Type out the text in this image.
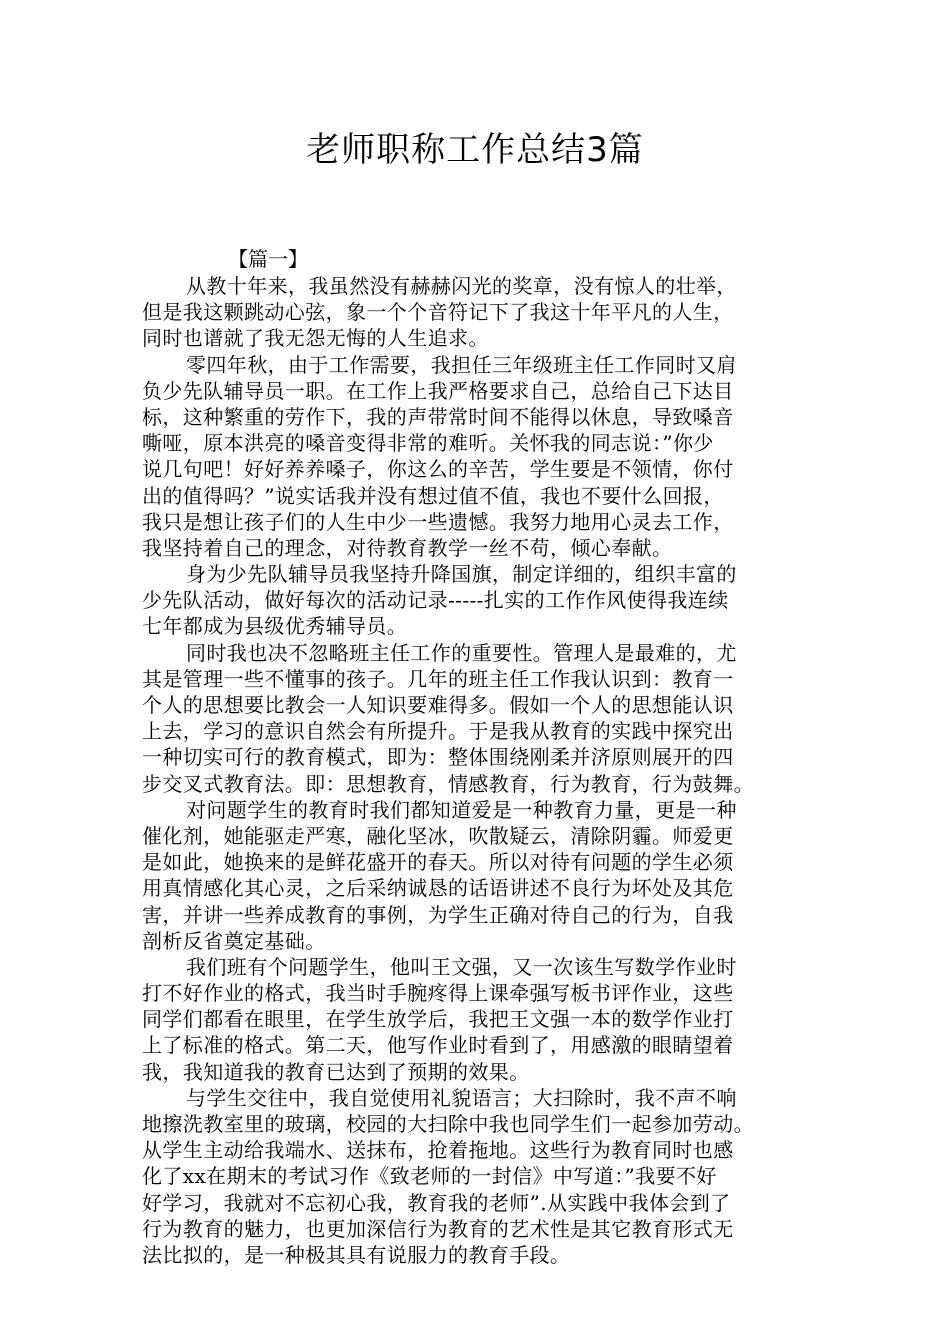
老师职称工作总结3篇
【篇一】
从教十年来，我虽然没有赫赫闪光的奖章，没有惊人的壮举，
但是我这颗跳动心弦，象一个个音符记下了我这十年平凡的人生，
同时也谱就了我无怨无悔的人生追求。
零四年秋，由于工作需要，我担任三年级班主任工作同时又肩
负少先队辅导员一职。在工作上我严格要求自己，总给自己下达目
标，这种繁重的劳作下，我的声带常时间不能得以休息，导致嗓音
嘶哑，原本洪亮的嗓音变得非常的难听。关怀我的同志说：”你少
说几句吧！好好养养嗓子，你这么的辛苦，学生要是不领情，你付
出的值得吗？”说实话我并没有想过值不值，我也不要什么回报，
我只是想让孩子们的人生中少一些遗憾。我努力地用心灵去工作，
我坚持着自己的理念，对待教育教学一丝不苟，倾心奉献。
身为少先队辅导员我坚持升降国旗，制定详细的，组织丰富的
少先队活动，做好每次的活动记录-----扎实的工作作风使得我连续
七年都成为县级优秀辅导员。
同时我也决不忽略班主任工作的重要性。管理人是最难的，尤
其是管理一些不懂事的孩子。几年的班主任工作我认识到：教育一
个人的思想要比教会一人知识要难得多。假如一个人的思想能认识
上去，学习的意识自然会有所提升。于是我从教育的实践中探究出
一种切实可行的教育模式，即为：整体围绕刚柔并济原则展开的四
步交叉式教育法。即：思想教育，情感教育，行为教育，行为鼓舞。
对问题学生的教育时我们都知道爱是一种教育力量，更是一种
催化剂，她能驱走严寒，融化坚冰，吹散疑云，清除阴霾。师爱更
是如此，她换来的是鲜花盛开的春天。所以对待有问题的学生必须
用真情感化其心灵，之后采纳诚恳的话语讲述不良行为坏处及其危
害，并讲一些养成教育的事例，为学生正确对待自己的行为，自我
剖析反省奠定基础。
我们班有个问题学生，他叫王文强，又一次该生写数学作业时
打不好作业的格式，我当时手腕疼得上课牵强写板书评作业，这些
同学们都看在眼里，在学生放学后，我把王文强一本的数学作业打
上了标准的格式。第二天，他写作业时看到了，用感激的眼睛望着
我，我知道我的教育已达到了预期的效果。
与学生交往中，我自觉使用礼貌语言；大扫除时，我不声不响
地擦洗教室里的玻璃，校园的大扫除中我也同学生们一起参加劳动。
从学生主动给我端水、送抹布，抢着拖地。这些行为教育同时也感
化了xx在期末的考试习作《致老师的一封信》中写道：”我要不好
好学习，我就对不忘初心我，教育我的老师”.从实践中我体会到了
行为教育的魅力，也更加深信行为教育的艺术性是其它教育形式无
法比拟的，是一种极其具有说服力的教育手段。
